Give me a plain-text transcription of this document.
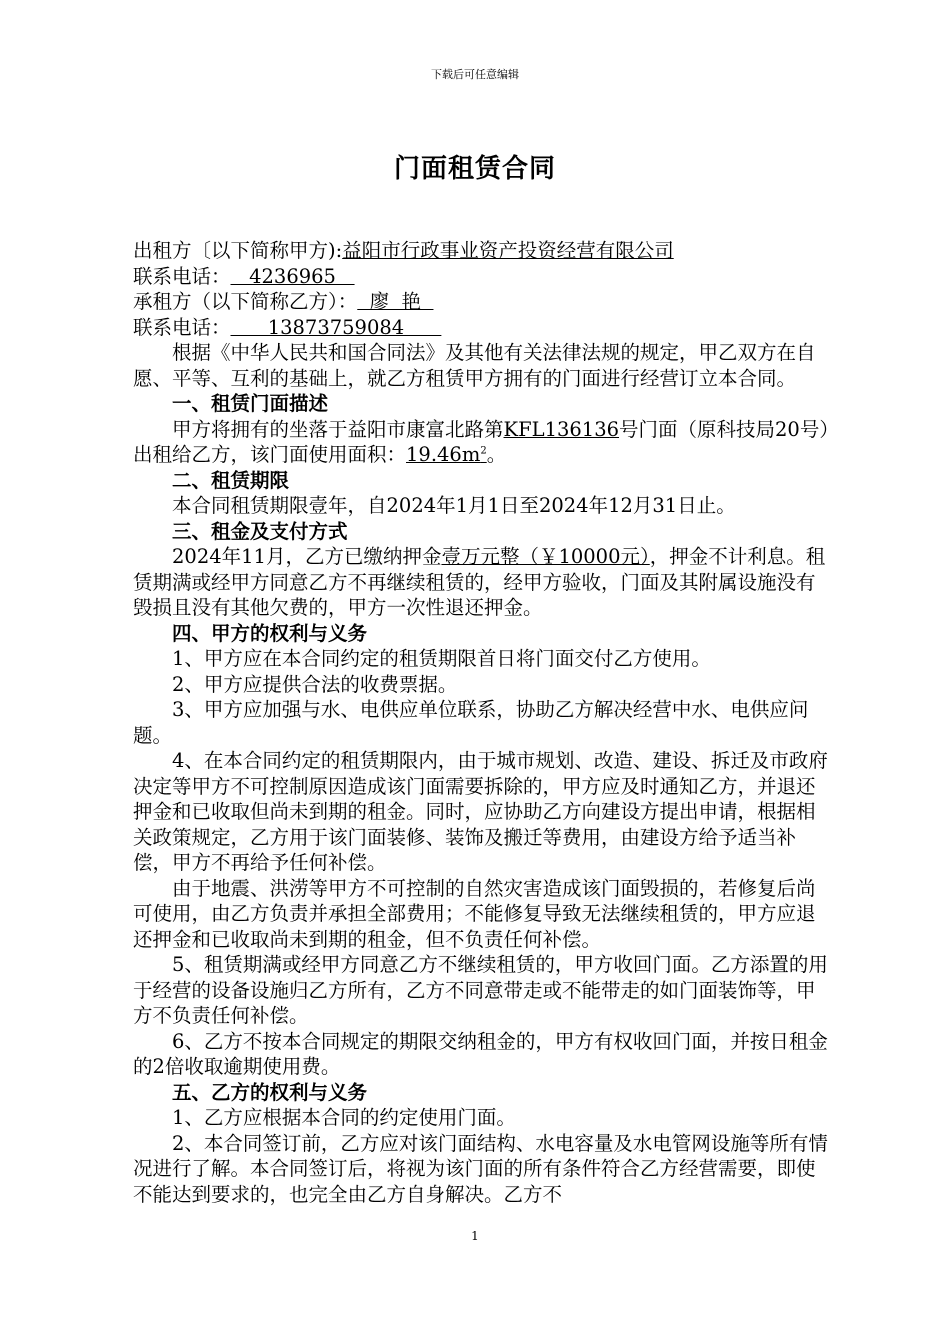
下载后可任意编辑
门面租赁合同

出租方〔以下简称甲方):益阳市行政事业资产投资经营有限公司

联系电话：   4236965

承租方（以下简称乙方）：  廖  艳

联系电话：      13873759084

根据《中华人民共和国合同法》及其他有关法律法规的规定，甲乙双方在自愿、平等、互利的基础上，就乙方租赁甲方拥有的门面进行经营订立本合同。

一、租赁门面描述

甲方将拥有的坐落于益阳市康富北路第KFL136136号门面（原科技局20号）出租给乙方，该门面使用面积：$19.46m^2$。

二、租赁期限

本合同租赁期限壹年，自2024年1月1日至2024年12月31日止。

三、租金及支付方式

2024年11月，乙方已缴纳押金壹万元整（￥10000元），押金不计利息。租赁期满或经甲方同意乙方不再继续租赁的，经甲方验收，门面及其附属设施没有毁损且没有其他欠费的，甲方一次性退还押金。

四、甲方的权利与义务

1、甲方应在本合同约定的租赁期限首日将门面交付乙方使用。

2、甲方应提供合法的收费票据。

3、甲方应加强与水、电供应单位联系，协助乙方解决经营中水、电供应问题。

4、在本合同约定的租赁期限内，由于城市规划、改造、建设、拆迁及市政府决定等甲方不可控制原因造成该门面需要拆除的，甲方应及时通知乙方，并退还押金和已收取但尚未到期的租金。同时，应协助乙方向建设方提出申请，根据相关政策规定，乙方用于该门面装修、装饰及搬迁等费用，由建设方给予适当补偿，甲方不再给予任何补偿。

由于地震、洪涝等甲方不可控制的自然灾害造成该门面毁损的，若修复后尚可使用，由乙方负责并承担全部费用；不能修复导致无法继续租赁的，甲方应退还押金和已收取尚未到期的租金，但不负责任何补偿。

5、租赁期满或经甲方同意乙方不继续租赁的，甲方收回门面。乙方添置的用于经营的设备设施归乙方所有，乙方不同意带走或不能带走的如门面装饰等，甲方不负责任何补偿。

6、乙方不按本合同规定的期限交纳租金的，甲方有权收回门面，并按日租金的2倍收取逾期使用费。

五、乙方的权利与义务

1、乙方应根据本合同的约定使用门面。

2、本合同签订前，乙方应对该门面结构、水电容量及水电管网设施等所有情况进行了解。本合同签订后，将视为该门面的所有条件符合乙方经营需要，即使不能达到要求的，也完全由乙方自身解决。乙方不

1
